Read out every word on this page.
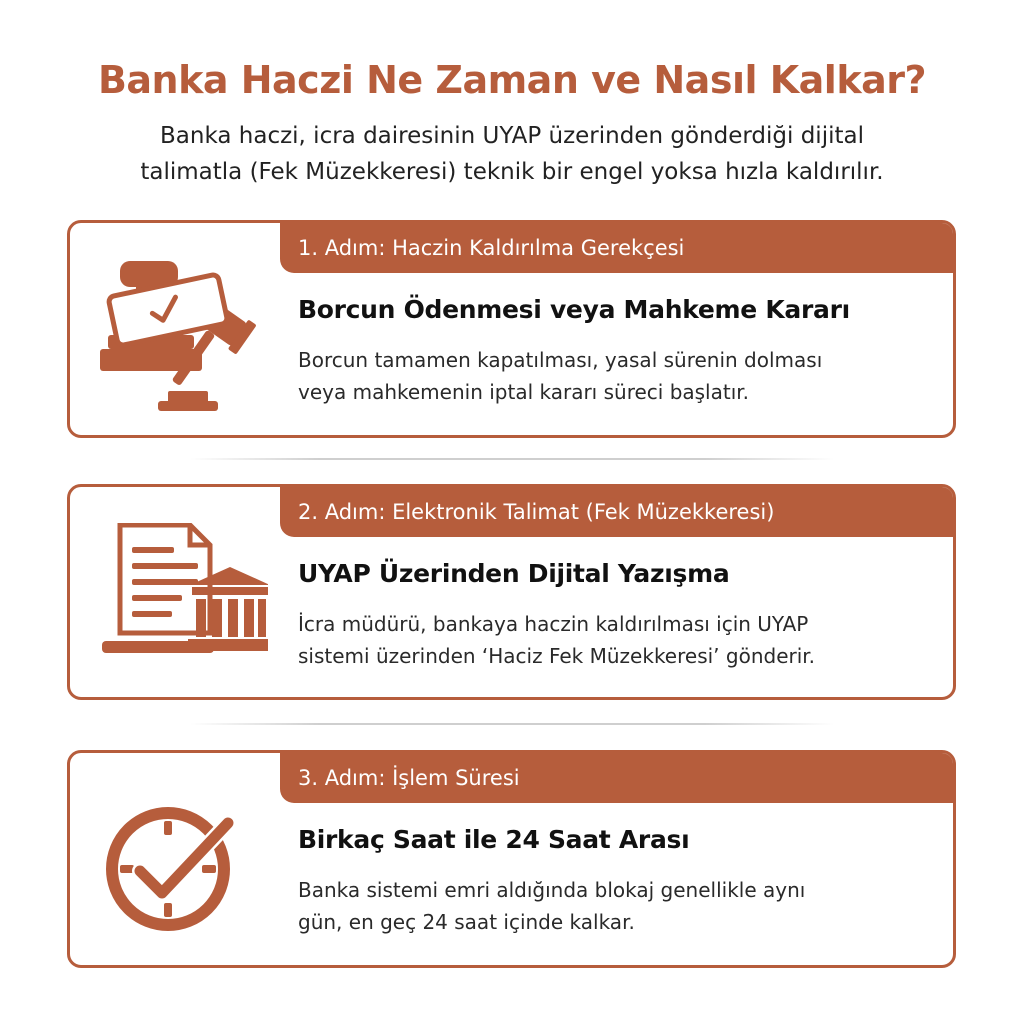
Banka Haczi Ne Zaman ve Nasıl Kalkar?
Banka haczi, icra dairesinin UYAP üzerinden gönderdiği dijital
talimatla (Fek Müzekkeresi) teknik bir engel yoksa hızla kaldırılır.
1. Adım: Haczin Kaldırılma Gerekçesi
Borcun Ödenmesi veya Mahkeme Kararı
Borcun tamamen kapatılması, yasal sürenin dolması
veya mahkemenin iptal kararı süreci başlatır.
2. Adım: Elektronik Talimat (Fek Müzekkeresi)
UYAP Üzerinden Dijital Yazışma
İcra müdürü, bankaya haczin kaldırılması için UYAP
sistemi üzerinden ‘Haciz Fek Müzekkeresi’ gönderir.
3. Adım: İşlem Süresi
Birkaç Saat ile 24 Saat Arası
Banka sistemi emri aldığında blokaj genellikle aynı
gün, en geç 24 saat içinde kalkar.
